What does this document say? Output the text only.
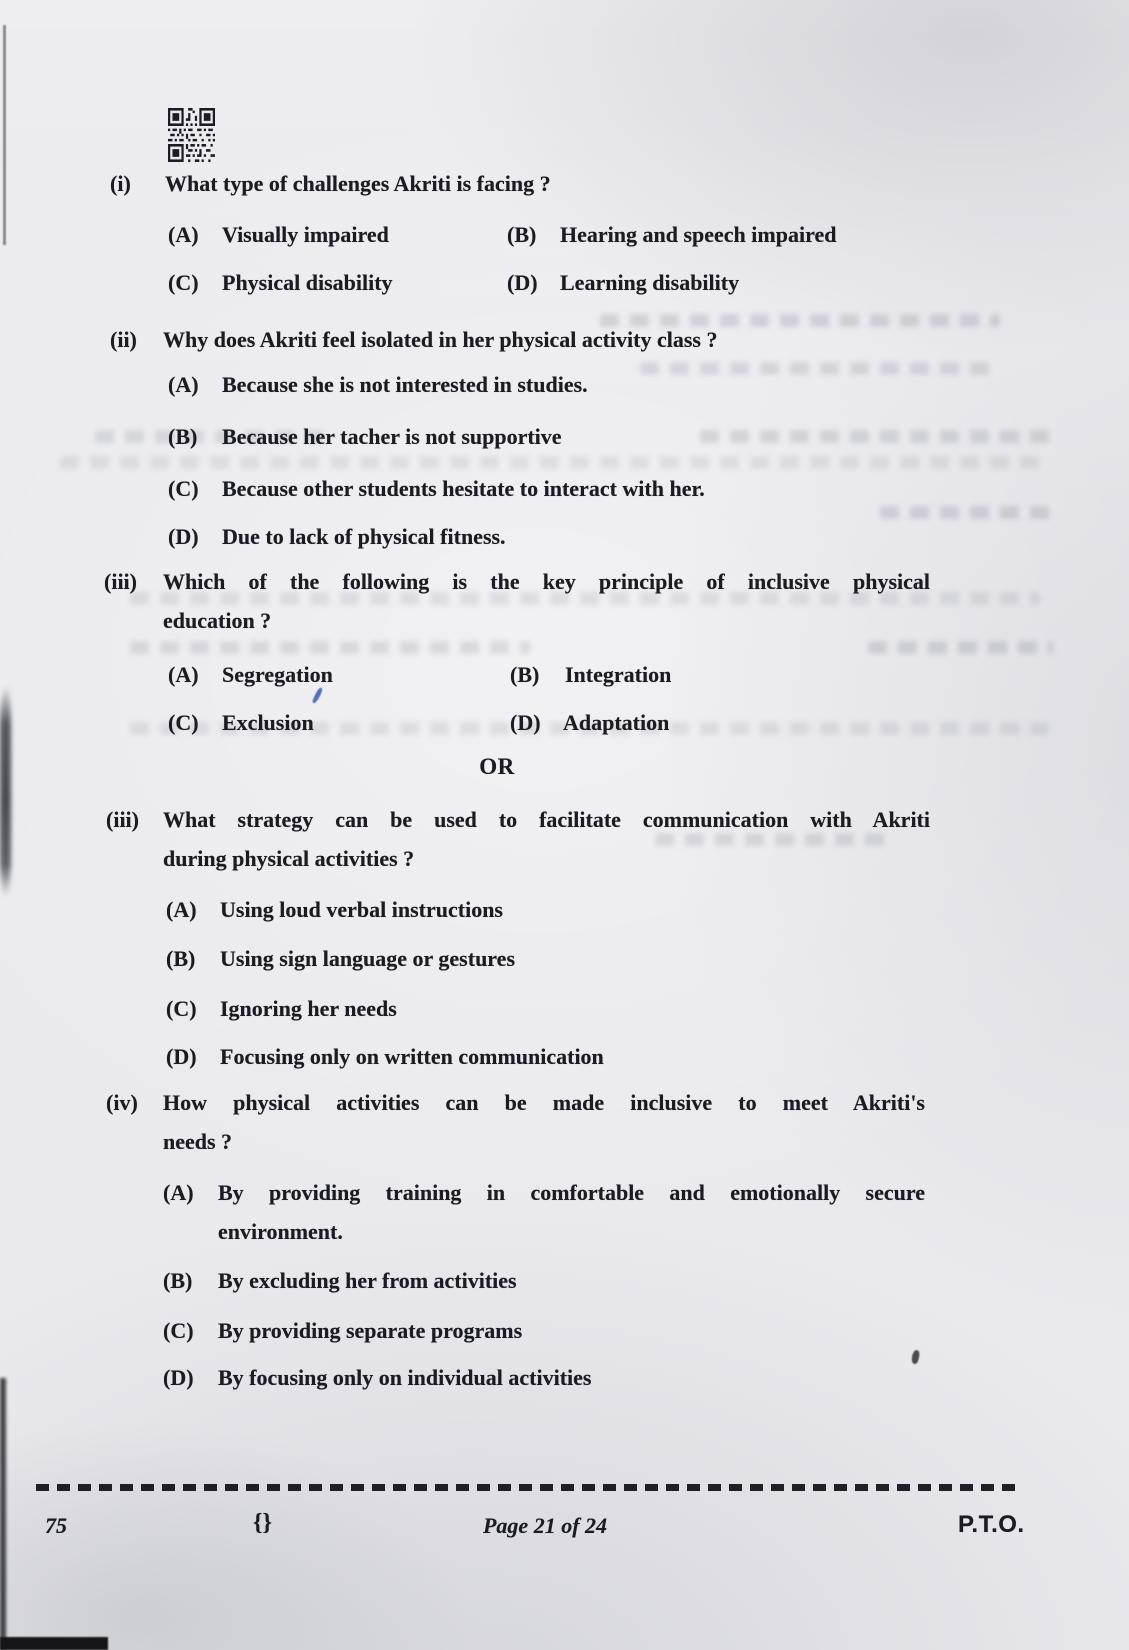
(i) What type of challenges Akriti is facing ?
(A) Visually impaired	(B) Hearing and speech impaired
(C) Physical disability	(D) Learning disability
(ii) Why does Akriti feel isolated in her physical activity class ?
(A) Because she is not interested in studies.
(B) Because her tacher is not supportive
(C) Because other students hesitate to interact with her.
(D) Due to lack of physical fitness.
(iii) Which of the following is the key principle of inclusive physical
education ?
(A) Segregation	(B) Integration
(C) Exclusion	(D) Adaptation
OR
(iii) What strategy can be used to facilitate communication with Akriti
during physical activities ?
(A) Using loud verbal instructions
(B) Using sign language or gestures
(C) Ignoring her needs
(D) Focusing only on written communication
(iv) How physical activities can be made inclusive to meet Akriti's
needs ?
(A) By providing training in comfortable and emotionally secure
environment.
(B) By excluding her from activities
(C) By providing separate programs
(D) By focusing only on individual activities
75	{}	Page 21 of 24	P.T.O.
